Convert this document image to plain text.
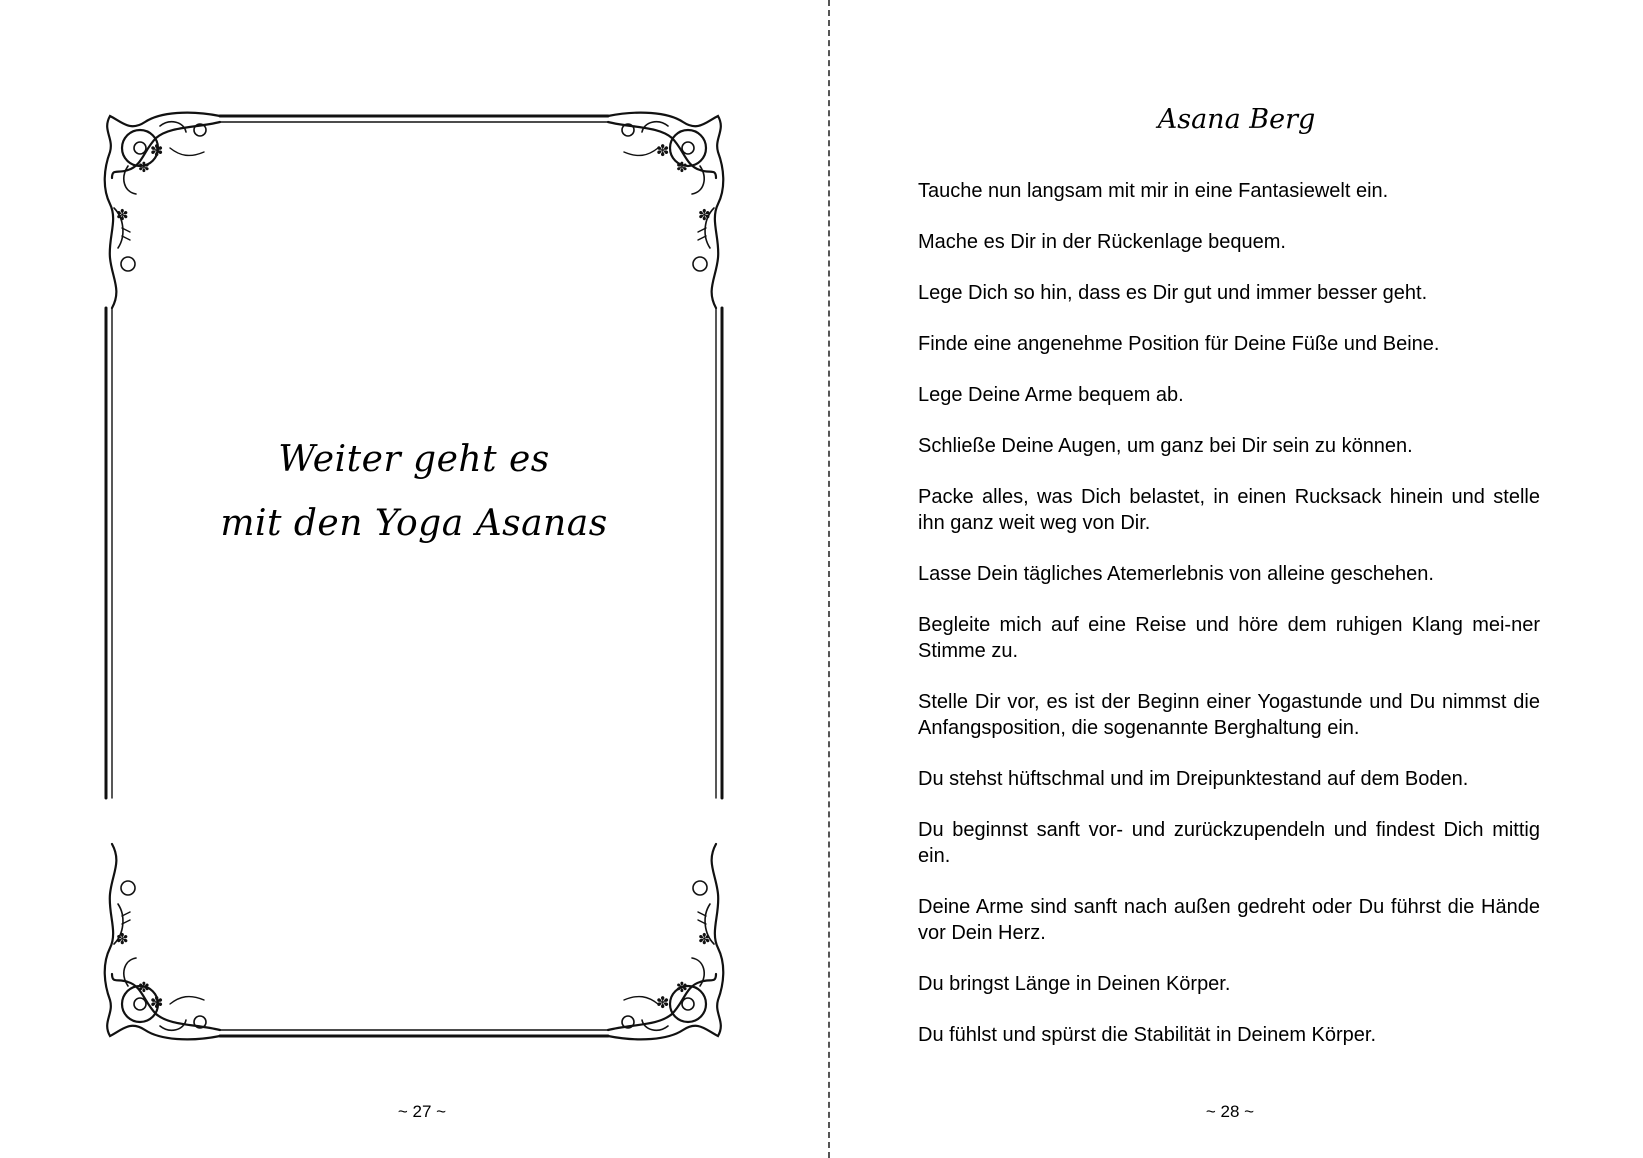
✽
✽
✽
✽
✽
✽
✽
✽
✽
✽
✽
✽
Weiter geht es
mit den Yoga Asanas
~ 27 ~
Asana Berg

Tauche nun langsam mit mir in eine Fantasiewelt ein.

Mache es Dir in der Rückenlage bequem.

Lege Dich so hin, dass es Dir gut und immer besser geht.

Finde eine angenehme Position für Deine Füße und Beine.

Lege Deine Arme bequem ab.

Schließe Deine Augen, um ganz bei Dir sein zu können.

Packe alles, was Dich belastet, in einen Rucksack hinein und stelle ihn ganz weit weg von Dir.

Lasse Dein tägliches Atemerlebnis von alleine geschehen.

Begleite mich auf eine Reise und höre dem ruhigen Klang mei-ner Stimme zu.

Stelle Dir vor, es ist der Beginn einer Yogastunde und Du nimmst die Anfangsposition, die sogenannte Berghaltung ein.

Du stehst hüftschmal und im Dreipunktestand auf dem Boden.

Du beginnst sanft vor- und zurückzupendeln und findest Dich mittig ein.

Deine Arme sind sanft nach außen gedreht oder Du führst die Hände vor Dein Herz.

Du bringst Länge in Deinen Körper.

Du fühlst und spürst die Stabilität in Deinem Körper.

~ 28 ~
